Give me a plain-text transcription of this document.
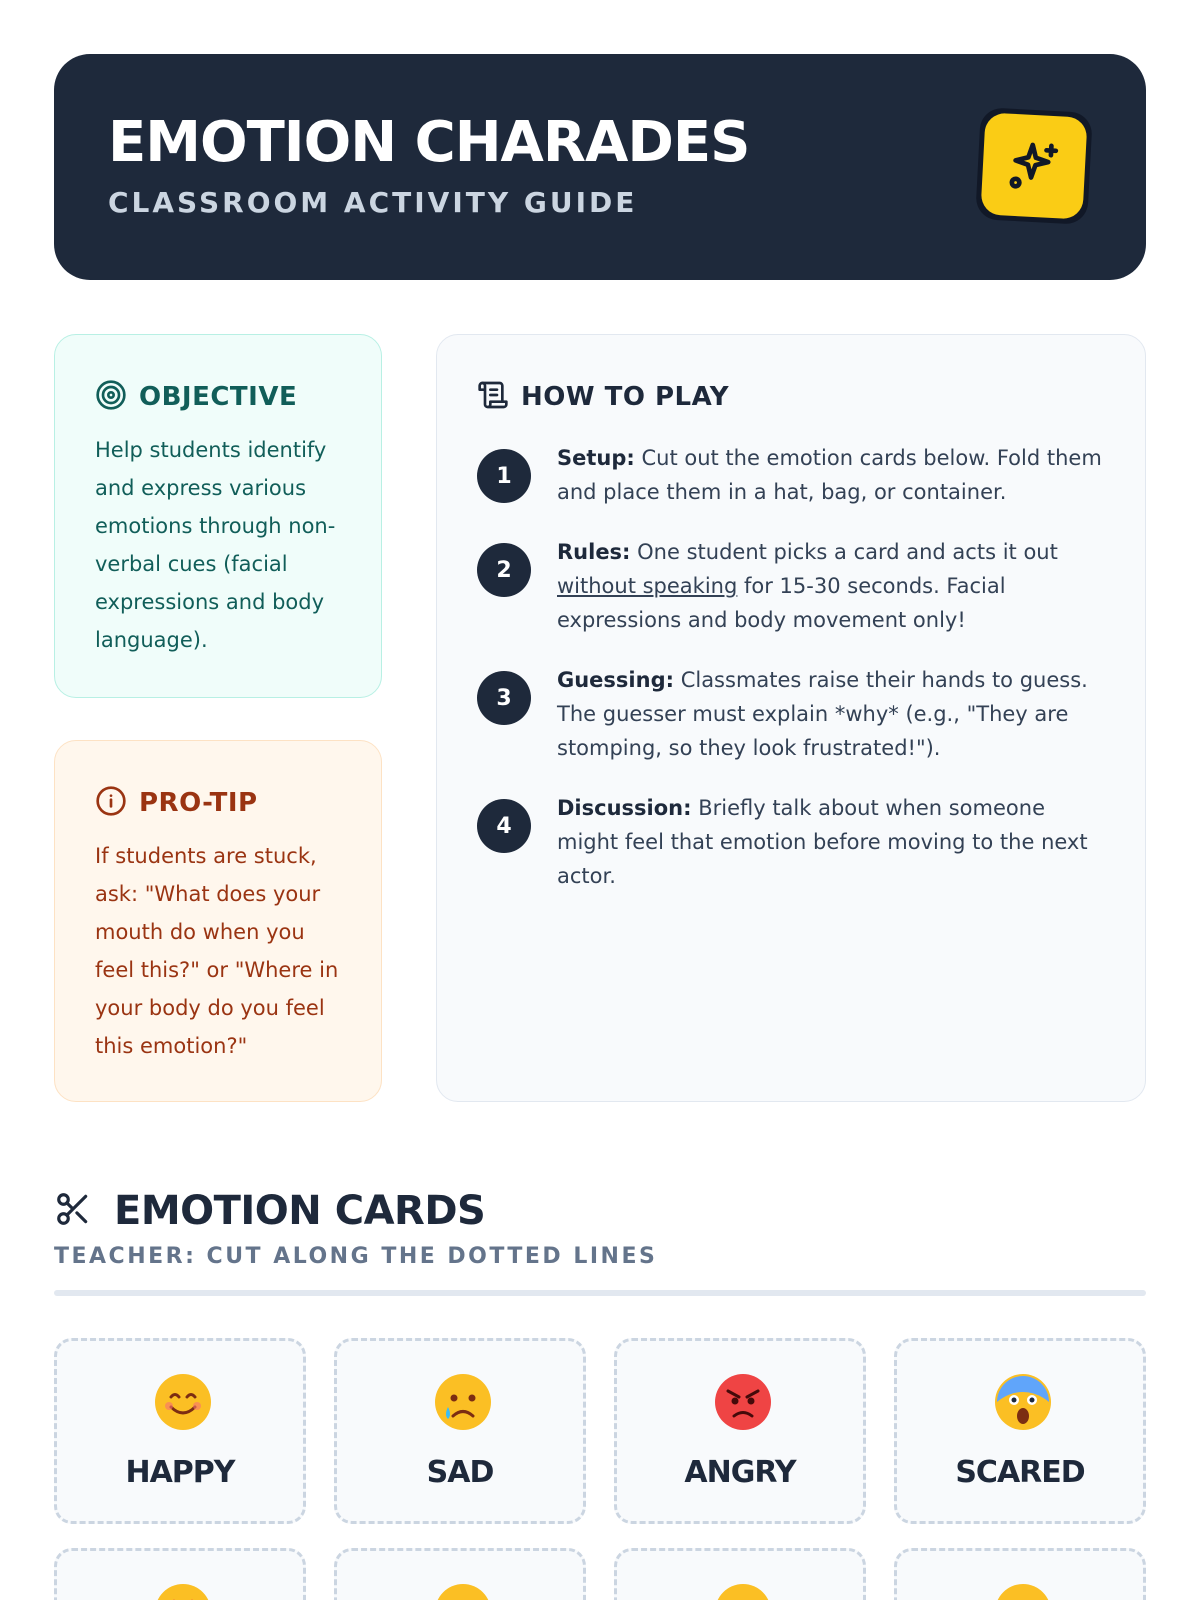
EMOTION CHARADES
CLASSROOM ACTIVITY GUIDE
OBJECTIVE
Help students identify and express various emotions through non-verbal cues (facial expressions and body language).
PRO-TIP
If students are stuck, ask: "What does your mouth do when you feel this?" or "Where in your body do you feel this emotion?"
HOW TO PLAY
1
Setup: Cut out the emotion cards below. Fold them and place them in a hat, bag, or container.
2
Rules: One student picks a card and acts it out without speaking for 15-30 seconds. Facial expressions and body movement only!
3
Guessing: Classmates raise their hands to guess. The guesser must explain *why* (e.g., "They are stomping, so they look frustrated!").
4
Discussion: Briefly talk about when someone might feel that emotion before moving to the next actor.
EMOTION CARDS
TEACHER: CUT ALONG THE DOTTED LINES
HAPPY	SAD	ANGRY	SCARED
